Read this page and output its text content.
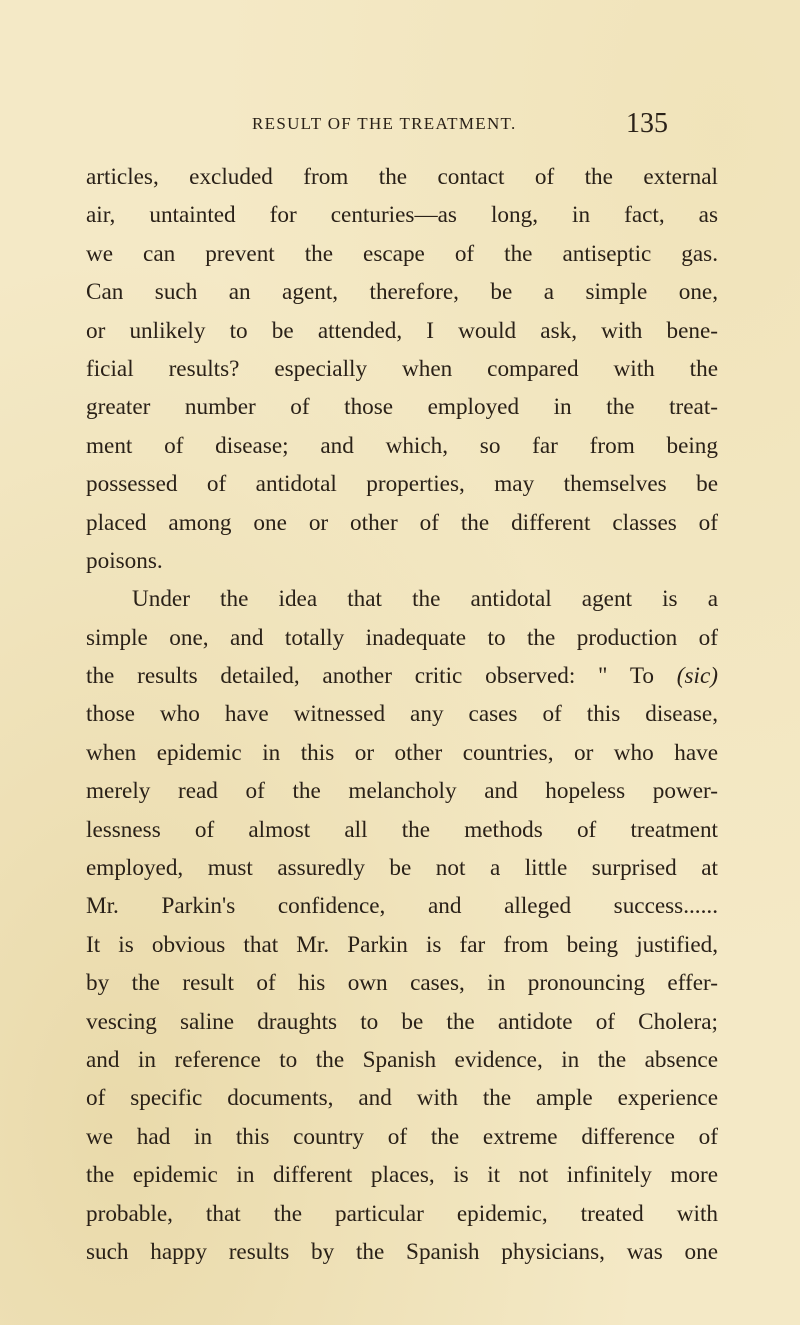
RESULT OF THE TREATMENT.	135
articles, excluded from the contact of the external
air, untainted for centuries—as long, in fact, as
we can prevent the escape of the antiseptic gas.
Can such an agent, therefore, be a simple one,
or unlikely to be attended, I would ask, with bene-
ficial results? especially when compared with the
greater number of those employed in the treat-
ment of disease; and which, so far from being
possessed of antidotal properties, may themselves be
placed among one or other of the different classes of
poisons.
Under the idea that the antidotal agent is a
simple one, and totally inadequate to the production of
the results detailed, another critic observed: " To (sic)
those who have witnessed any cases of this disease,
when epidemic in this or other countries, or who have
merely read of the melancholy and hopeless power-
lessness of almost all the methods of treatment
employed, must assuredly be not a little surprised at
Mr. Parkin's confidence, and alleged success......
It is obvious that Mr. Parkin is far from being justified,
by the result of his own cases, in pronouncing effer-
vescing saline draughts to be the antidote of Cholera;
and in reference to the Spanish evidence, in the absence
of specific documents, and with the ample experience
we had in this country of the extreme difference of
the epidemic in different places, is it not infinitely more
probable, that the particular epidemic, treated with
such happy results by the Spanish physicians, was one
